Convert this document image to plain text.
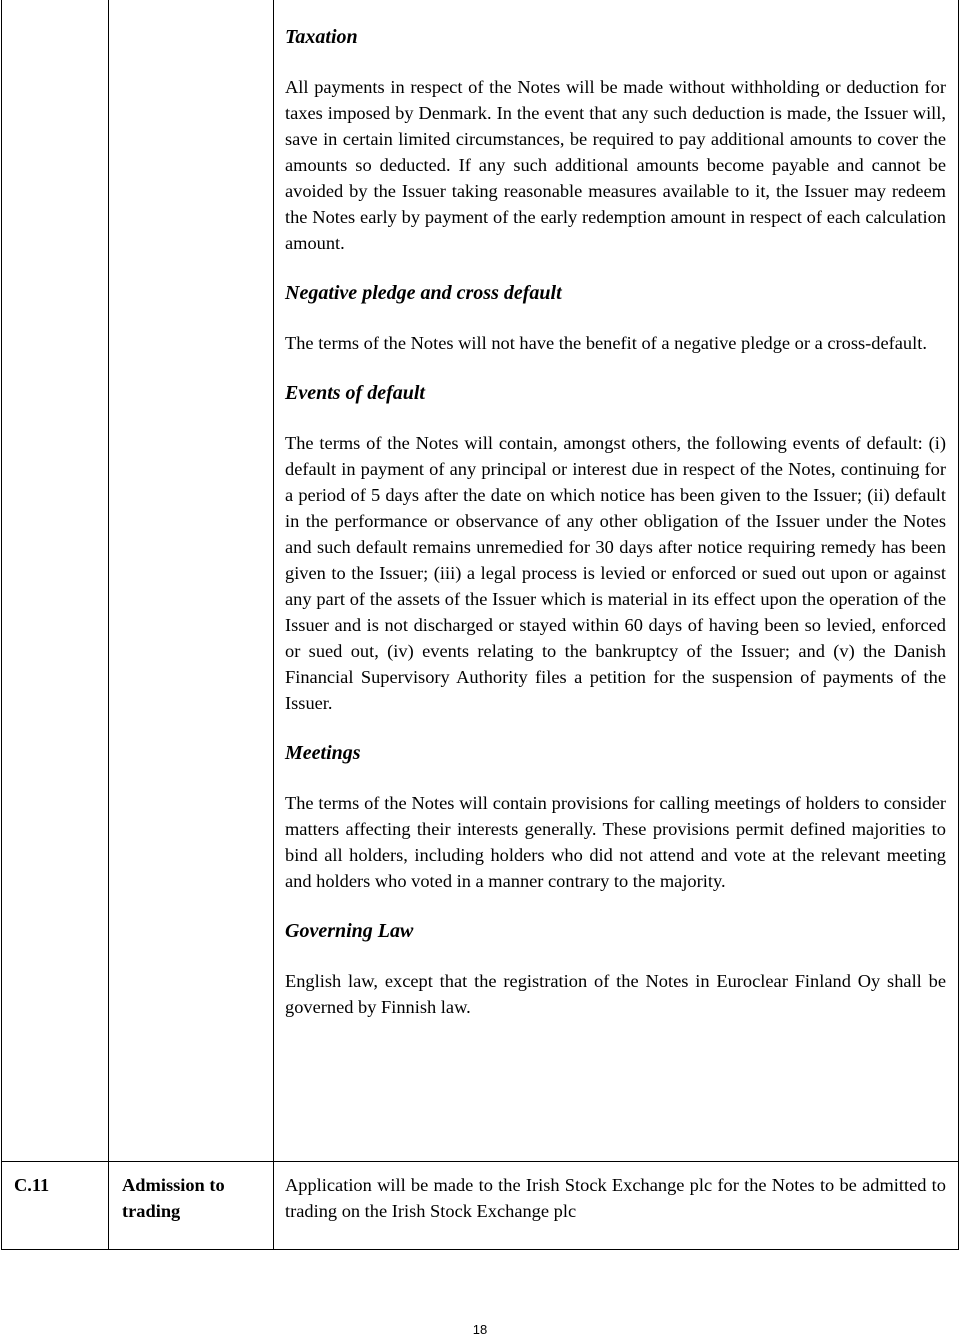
Taxation
All payments in respect of the Notes will be made without withholding or deduction for taxes imposed by Denmark. In the event that any such deduction is made, the Issuer will, save in certain limited circumstances, be required to pay additional amounts to cover the amounts so deducted. If any such additional amounts become payable and cannot be avoided by the Issuer taking reasonable measures available to it, the Issuer may redeem the Notes early by payment of the early redemption amount in respect of each calculation amount.
Negative pledge and cross default
The terms of the Notes will not have the benefit of a negative pledge or a cross-default.
Events of default
The terms of the Notes will contain, amongst others, the following events of default: (i) default in payment of any principal or interest due in respect of the Notes, continuing for a period of 5 days after the date on which notice has been given to the Issuer; (ii) default in the performance or observance of any other obligation of the Issuer under the Notes and such default remains unremedied for 30 days after notice requiring remedy has been given to the Issuer; (iii) a legal process is levied or enforced or sued out upon or against any part of the assets of the Issuer which is material in its effect upon the operation of the Issuer and is not discharged or stayed within 60 days of having been so levied, enforced or sued out, (iv) events relating to the bankruptcy of the Issuer; and (v) the Danish Financial Supervisory Authority files a petition for the suspension of payments of the Issuer.
Meetings
The terms of the Notes will contain provisions for calling meetings of holders to consider matters affecting their interests generally. These provisions permit defined majorities to bind all holders, including holders who did not attend and vote at the relevant meeting and holders who voted in a manner contrary to the majority.
Governing Law
English law, except that the registration of the Notes in Euroclear Finland Oy shall be governed by Finnish law.
C.11	Admission to trading
Application will be made to the Irish Stock Exchange plc for the Notes to be admitted to trading on the Irish Stock Exchange plc
18
